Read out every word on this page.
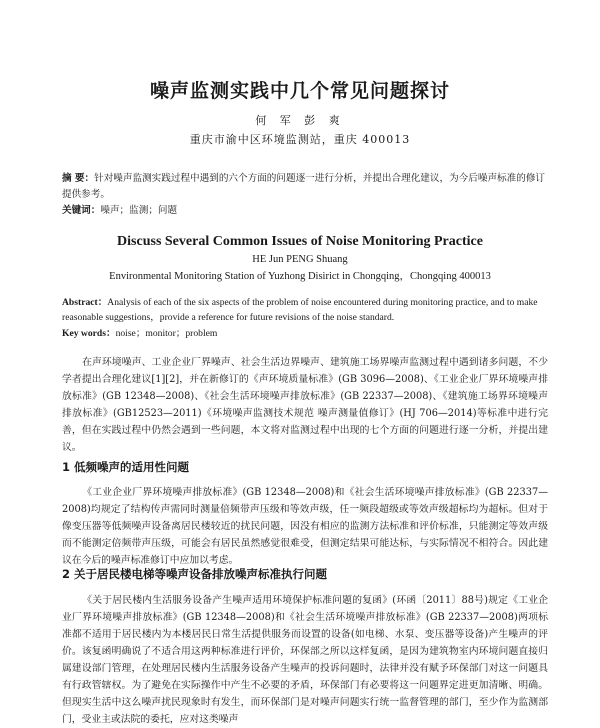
噪声监测实践中几个常见问题探讨
何 军 彭 爽
重庆市渝中区环境监测站，重庆 400013
摘 要：针对噪声监测实践过程中遇到的六个方面的问题逐一进行分析，并提出合理化建议，为今后噪声标准的修订提供参考。
关键词：噪声；监测；问题
Discuss Several Common Issues of Noise Monitoring Practice
HE Jun PENG Shuang
Environmental Monitoring Station of Yuzhong Disirict in Chongqing，Chongqing 400013
Abstract：Analysis of each of the six aspects of the problem of noise encountered during monitoring practice, and to make reasonable suggestions，provide a reference for future revisions of the noise standard.
Key words：noise；monitor；problem
在声环境噪声、工业企业厂界噪声、社会生活边界噪声、建筑施工场界噪声监测过程中遇到诸多问题，不少学者提出合理化建议[1][2]，并在新修订的《声环境质量标准》(GB 3096—2008)、《工业企业厂界环境噪声排放标准》(GB 12348—2008)、《社会生活环境噪声排放标准》(GB 22337—2008)、《建筑施工场界环境噪声排放标准》(GB12523—2011)《环境噪声监测技术规范 噪声测量值修订》(HJ 706—2014)等标准中进行完善，但在实践过程中仍然会遇到一些问题，本文将对监测过程中出现的七个方面的问题进行逐一分析，并提出建议。
1 低频噪声的适用性问题
《工业企业厂界环境噪声排放标准》(GB 12348—2008)和《社会生活环境噪声排放标准》(GB 22337—2008)均规定了结构传声需同时测量倍频带声压级和等效声级，任一频段超级或等效声级超标均为超标。但对于像变压器等低频噪声设备离居民楼较近的扰民问题，因没有相应的监测方法标准和评价标准，只能测定等效声级而不能测定倍频带声压级，可能会有居民虽然感觉很难受，但测定结果可能达标，与实际情况不相符合。因此建议在今后的噪声标准修订中应加以考虑。
2 关于居民楼电梯等噪声设备排放噪声标准执行问题
《关于居民楼内生活服务设备产生噪声适用环境保护标准问题的复函》(环函〔2011〕88号)规定《工业企业厂界环境噪声排放标准》(GB 12348—2008)和《社会生活环境噪声排放标准》(GB 22337—2008)两项标准都不适用于居民楼内为本楼居民日常生活提供服务而设置的设备(如电梯、水泵、变压器等设备)产生噪声的评价。该复函明确说了不适合用这两种标准进行评价，环保部之所以这样复函，是因为建筑物室内环境问题直接归属建设部门管理，在处理居民楼内生活服务设备产生噪声的投诉问题时，法律并没有赋予环保部门对这一问题具有行政管辖权。为了避免在实际操作中产生不必要的矛盾，环保部门有必要将这一问题界定进更加清晰、明确。但现实生活中这么噪声扰民现象时有发生，而环保部门是对噪声问题实行统一监督管理的部门，至少作为监测部门，受业主或法院的委托，应对这类噪声
